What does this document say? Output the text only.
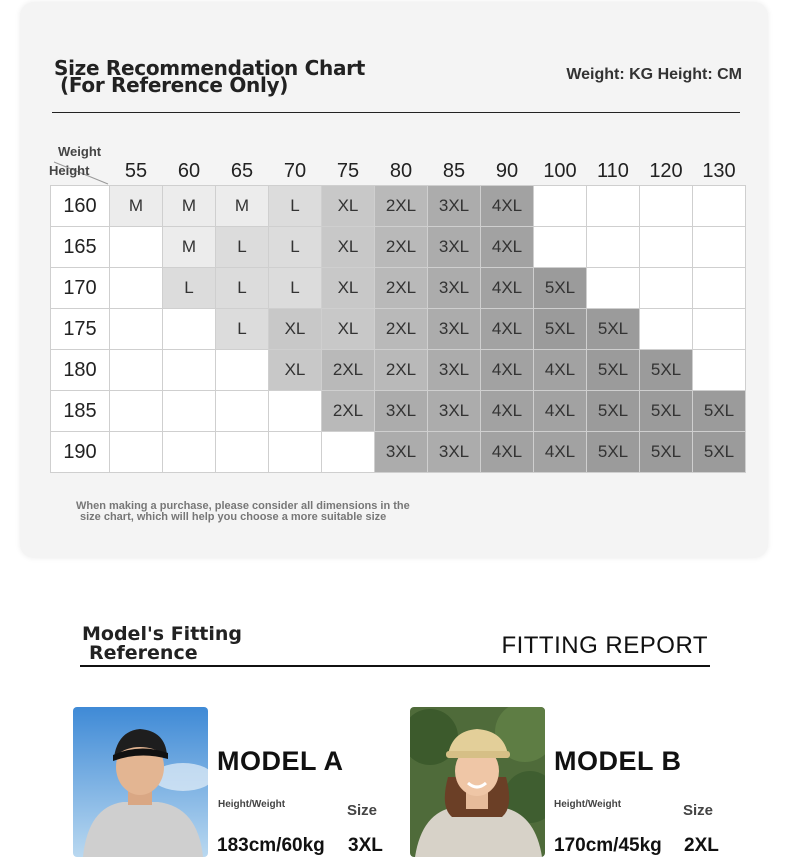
Size Recommendation Chart
(For Reference Only)	Weight: KG Height: CM
Weight
Height	55	60	65	70	75	80	85	90	100	110	120 130
160	M	M	M	L	XL	2XL	3XL	4XL				
165		M	L	L	XL	2XL	3XL	4XL				
170		L	L	L	XL	2XL	3XL	4XL	5XL			
175			L	XL	XL	2XL	3XL	4XL	5XL	5XL		
180				XL	2XL	2XL	3XL	4XL	4XL	5XL	5XL	
185					2XL	3XL	3XL	4XL	4XL	5XL	5XL	5XL
190						3XL	3XL	4XL	4XL	5XL	5XL	5XL
When making a purchase, please consider all dimensions in the
size chart, which will help you choose a more suitable size
Model's Fitting
Reference	FITTING REPORT
MODEL A
Height/Weight	Size
183cm/60kg 3XL
MODEL B
Height/Weight	Size
170cm/45kg 2XL
